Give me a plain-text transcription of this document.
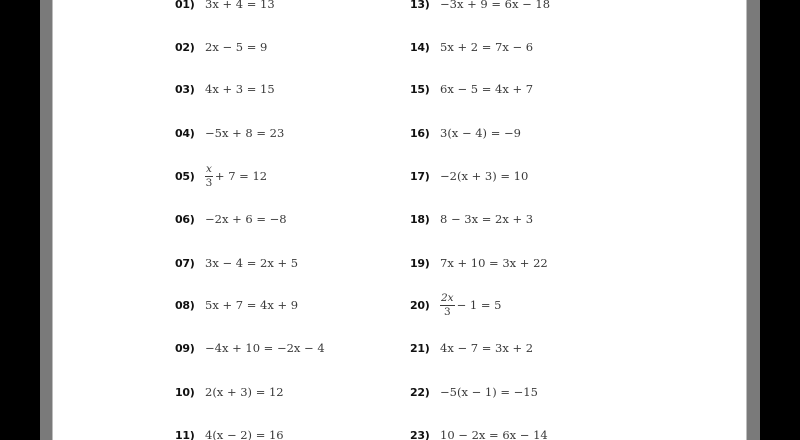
01) 3x + 4 = 13
02) 2x − 5 = 9
03) 4x + 3 = 15
04) −5x + 8 = 23
05)	$\frac{x}{3} + 7 = 12$
06) −2x + 6 = −8
07) 3x − 4 = 2x + 5
08) 5x + 7 = 4x + 9
09) −4x + 10 = −2x − 4
10) 2(x + 3) = 12
11) 4(x − 2) = 16
13) −3x + 9 = 6x − 18
14) 5x + 2 = 7x − 6
15) 6x − 5 = 4x + 7
16) 3(x − 4) = −9
17) −2(x + 3) = 10
18) 8 − 3x = 2x + 3
19) 7x + 10 = 3x + 22
20)	$\frac{2x}{3} - 1 = 5$
21) 4x − 7 = 3x + 2
22) −5(x − 1) = −15
23) 10 − 2x = 6x − 14
